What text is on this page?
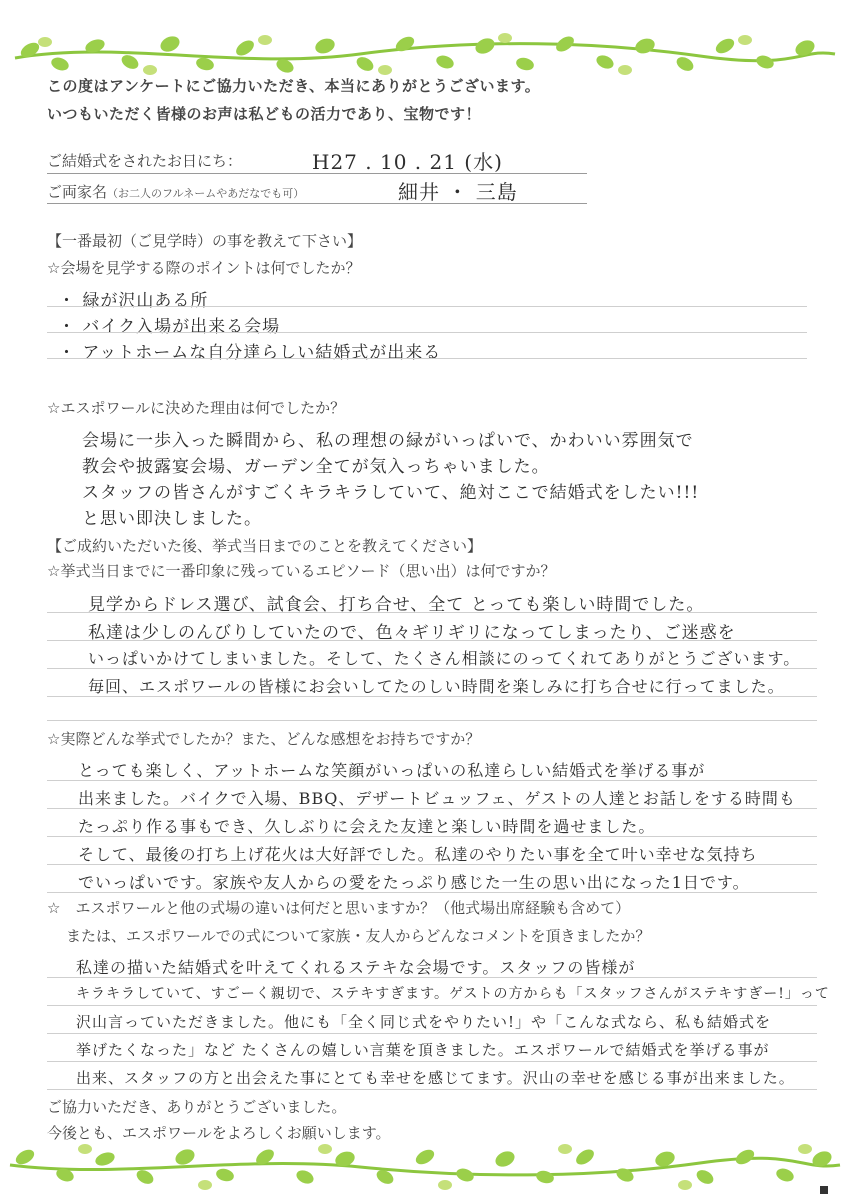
この度はアンケートにご協力いただき、本当にありがとうございます。
いつもいただく皆様のお声は私どもの活力であり、宝物です！
ご結婚式をされたお日にち：	H27 . 10 . 21 (水)
ご両家名（お二人のフルネームやあだなでも可）	細井 ・ 三島
【一番最初（ご見学時）の事を教えて下さい】
☆会場を見学する際のポイントは何でしたか？
・ 緑が沢山ある所
・ バイク入場が出来る会場
・ アットホームな自分達らしい結婚式が出来る
☆エスポワールに決めた理由は何でしたか？
会場に一歩入った瞬間から、私の理想の緑がいっぱいで、かわいい雰囲気で
教会や披露宴会場、ガーデン全てが気入っちゃいました。
スタッフの皆さんがすごくキラキラしていて、絶対ここで結婚式をしたい!!!
と思い即決しました。
【ご成約いただいた後、挙式当日までのことを教えてください】
☆挙式当日までに一番印象に残っているエピソード（思い出）は何ですか？
見学からドレス選び、試食会、打ち合せ、全て とっても楽しい時間でした。
私達は少しのんびりしていたので、色々ギリギリになってしまったり、ご迷惑を
いっぱいかけてしまいました。そして、たくさん相談にのってくれてありがとうございます。
毎回、エスポワールの皆様にお会いしてたのしい時間を楽しみに打ち合せに行ってました。
☆実際どんな挙式でしたか？また、どんな感想をお持ちですか？
とっても楽しく、アットホームな笑顔がいっぱいの私達らしい結婚式を挙げる事が
出来ました。バイクで入場、BBQ、デザートビュッフェ、ゲストの人達とお話しをする時間も
たっぷり作る事もでき、久しぶりに会えた友達と楽しい時間を過せました。
そして、最後の打ち上げ花火は大好評でした。私達のやりたい事を全て叶い幸せな気持ち
でいっぱいです。家族や友人からの愛をたっぷり感じた一生の思い出になった1日です。
☆　エスポワールと他の式場の違いは何だと思いますか？（他式場出席経験も含めて）
または、エスポワールでの式について家族・友人からどんなコメントを頂きましたか？
私達の描いた結婚式を叶えてくれるステキな会場です。スタッフの皆様が
キラキラしていて、すごーく親切で、ステキすぎます。ゲストの方からも「スタッフさんがステキすぎー!」って
沢山言っていただきました。他にも「全く同じ式をやりたい!」や「こんな式なら、私も結婚式を
挙げたくなった」など たくさんの嬉しい言葉を頂きました。エスポワールで結婚式を挙げる事が
出来、スタッフの方と出会えた事にとても幸せを感じてます。沢山の幸せを感じる事が出来ました。
ご協力いただき、ありがとうございました。
今後とも、エスポワールをよろしくお願いします。
